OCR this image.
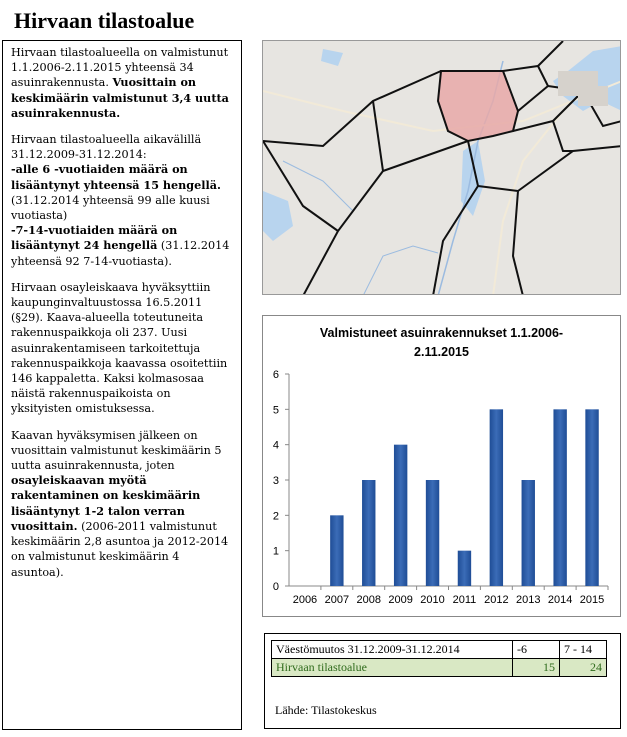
Hirvaan tilastoalue

Hirvaan tilastoalueella on valmistunut 1.1.2006-2.11.2015 yhteensä 34 asuinrakennusta. Vuosittain on keskimäärin valmistunut 3,4 uutta asuinrakennusta.

Hirvaan tilastoalueella aikavälillä 31.12.2009-31.12.2014:
-alle 6 -vuotiaiden määrä on lisääntynyt yhteensä 15 hengellä.
(31.12.2014 yhteensä 99 alle kuusi vuotiasta)
-7-14-vuotiaiden määrä on lisääntynyt 24 hengellä (31.12.2014 yhteensä 92 7-14-vuotiasta).

Hirvaan osayleiskaava hyväksyttiin kaupunginvaltuustossa 16.5.2011 (§29). Kaava-alueella toteutuneita rakennuspaikkoja oli 237. Uusi asuinrakentamiseen tarkoitettuja rakennuspaikkoja kaavassa osoitettiin 146 kappaletta. Kaksi kolmasosaa näistä rakennuspaikoista on yksityisten omistuksessa.

Kaavan hyväksymisen jälkeen on vuosittain valmistunut keskimäärin 5 uutta asuinrakennusta, joten osayleiskaavan myötä rakentaminen on keskimäärin lisääntynyt 1-2 talon verran vuosittain. (2006-2011 valmistunut keskimäärin 2,8 asuntoa ja 2012-2014 on valmistunut keskimäärin 4 asuntoa).

Valmistuneet asuinrakennukset 1.1.2006-
2.11.2015
0
1
2
3
4
5
6
2006 2007 2008 2009 2010 2011 2012 2013 2014 2015
Väestömuutos 31.12.2009-31.12.2014	-6	7 - 14
Hirvaan tilastoalue	15	24
Lähde: Tilastokeskus
